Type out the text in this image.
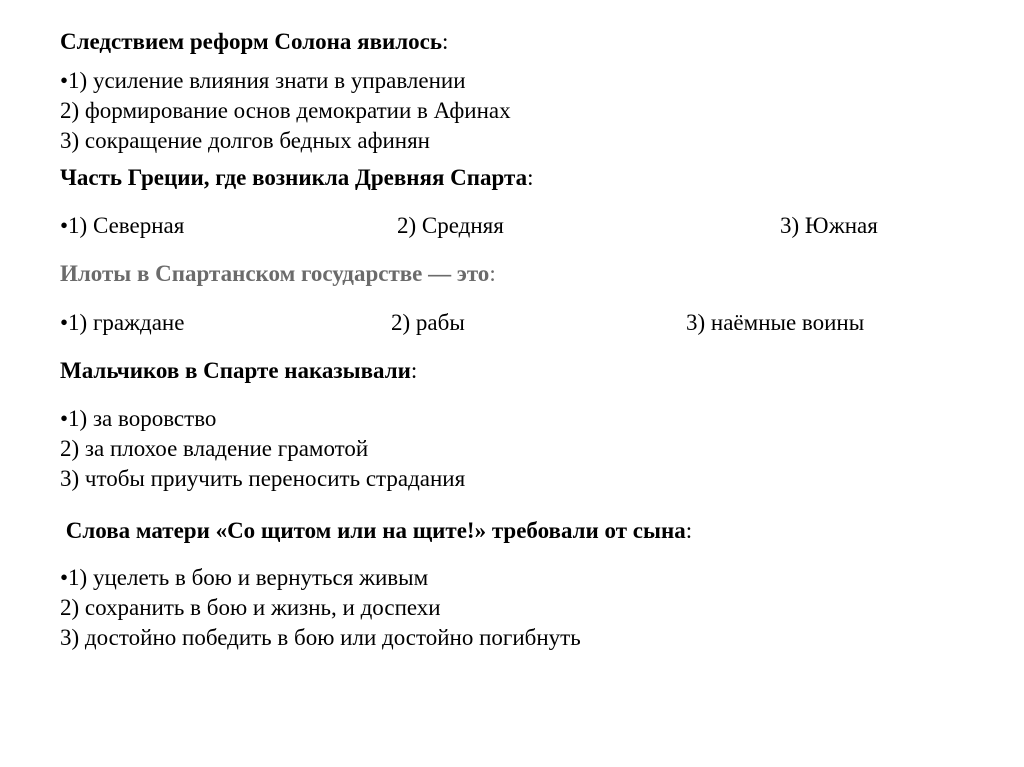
Следствием реформ Солона явилось:
•1) усиление влияния знати в управлении
2) формирование основ демократии в Афинах
3) сокращение долгов бедных афинян
Часть Греции, где возникла Древняя Спарта:
•1) Северная	2) Средняя	3) Южная
Илоты в Спартанском государстве — это:
•1) граждане	2) рабы	3) наёмные воины
Мальчиков в Спарте наказывали:
•1) за воровство
2) за плохое владение грамотой
3) чтобы приучить переносить страдания
Слова матери «Со щитом или на щите!» требовали от сына:
•1) уцелеть в бою и вернуться живым
2) сохранить в бою и жизнь, и доспехи
3) достойно победить в бою или достойно погибнуть
